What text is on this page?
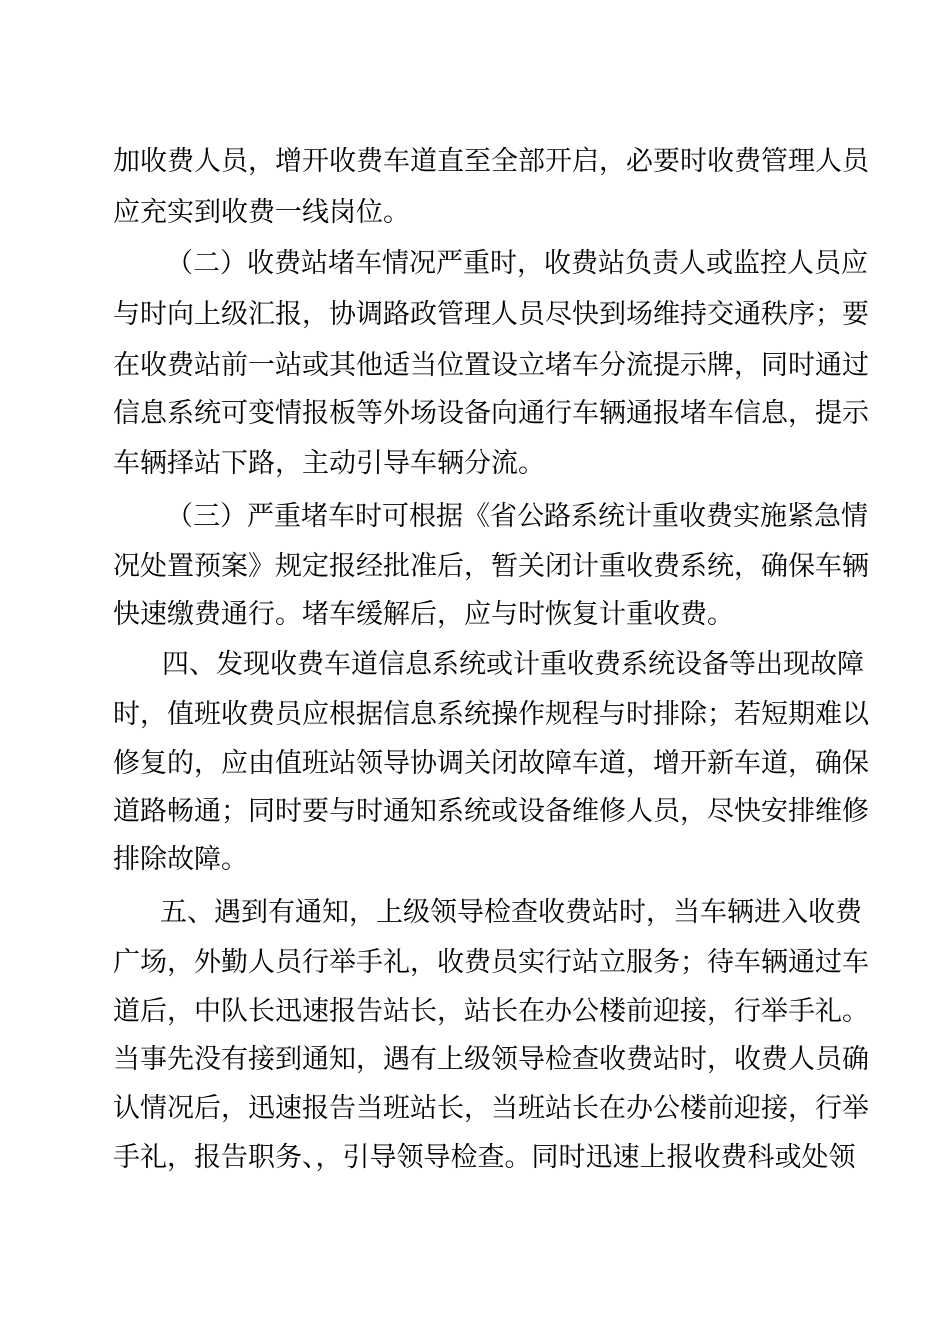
加收费人员，增开收费车道直至全部开启，必要时收费管理人员
应充实到收费一线岗位。
（二）收费站堵车情况严重时，收费站负责人或监控人员应
与时向上级汇报，协调路政管理人员尽快到场维持交通秩序；要
在收费站前一站或其他适当位置设立堵车分流提示牌，同时通过
信息系统可变情报板等外场设备向通行车辆通报堵车信息，提示
车辆择站下路，主动引导车辆分流。
（三）严重堵车时可根据《省公路系统计重收费实施紧急情
况处置预案》规定报经批准后，暂关闭计重收费系统，确保车辆
快速缴费通行。堵车缓解后，应与时恢复计重收费。
四、发现收费车道信息系统或计重收费系统设备等出现故障
时，值班收费员应根据信息系统操作规程与时排除；若短期难以
修复的，应由值班站领导协调关闭故障车道，增开新车道，确保
道路畅通；同时要与时通知系统或设备维修人员，尽快安排维修
排除故障。
五、遇到有通知，上级领导检查收费站时，当车辆进入收费
广场，外勤人员行举手礼，收费员实行站立服务；待车辆通过车
道后，中队长迅速报告站长，站长在办公楼前迎接，行举手礼。
当事先没有接到通知，遇有上级领导检查收费站时，收费人员确
认情况后，迅速报告当班站长，当班站长在办公楼前迎接，行举
手礼，报告职务、，引导领导检查。同时迅速上报收费科或处领
